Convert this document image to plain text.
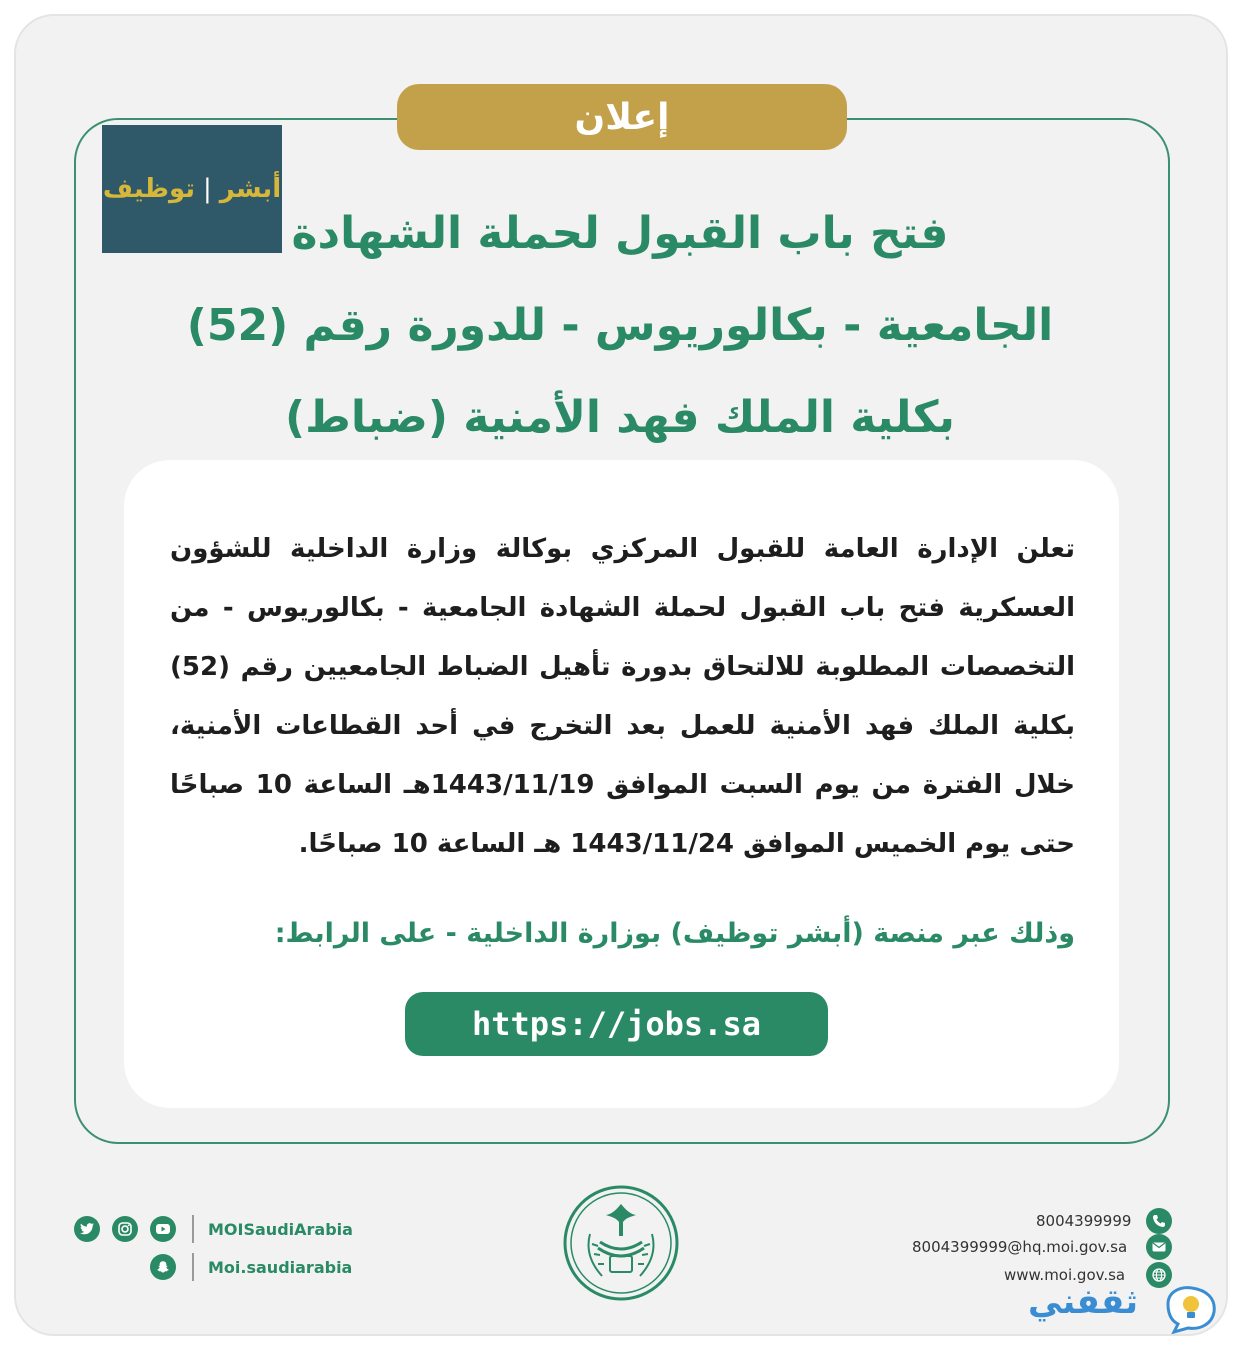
إعلان
أبشر
|
توظيف
فتح باب القبول لحملة الشهادة
الجامعية - بكالوريوس - للدورة رقم (52)
بكلية الملك فهد الأمنية (ضباط)
تعلن الإدارة العامة للقبول المركزي بوكالة وزارة الداخلية للشؤون العسكرية فتح باب القبول لحملة الشهادة الجامعية - بكالوريوس - من التخصصات المطلوبة للالتحاق بدورة تأهيل الضباط الجامعيين رقم (52) بكلية الملك فهد الأمنية للعمل بعد التخرج في أحد القطاعات الأمنية، خلال الفترة من يوم السبت الموافق 1443/11/19هـ الساعة 10 صباحًا حتى يوم الخميس الموافق 1443/11/24 هـ الساعة 10 صباحًا.
وذلك عبر منصة (أبشر توظيف) بوزارة الداخلية - على الرابط:
https://jobs.sa
MOISaudiArabia
Moi.saudiarabia
8004399999
8004399999@hq.moi.gov.sa
www.moi.gov.sa
ثقفني
